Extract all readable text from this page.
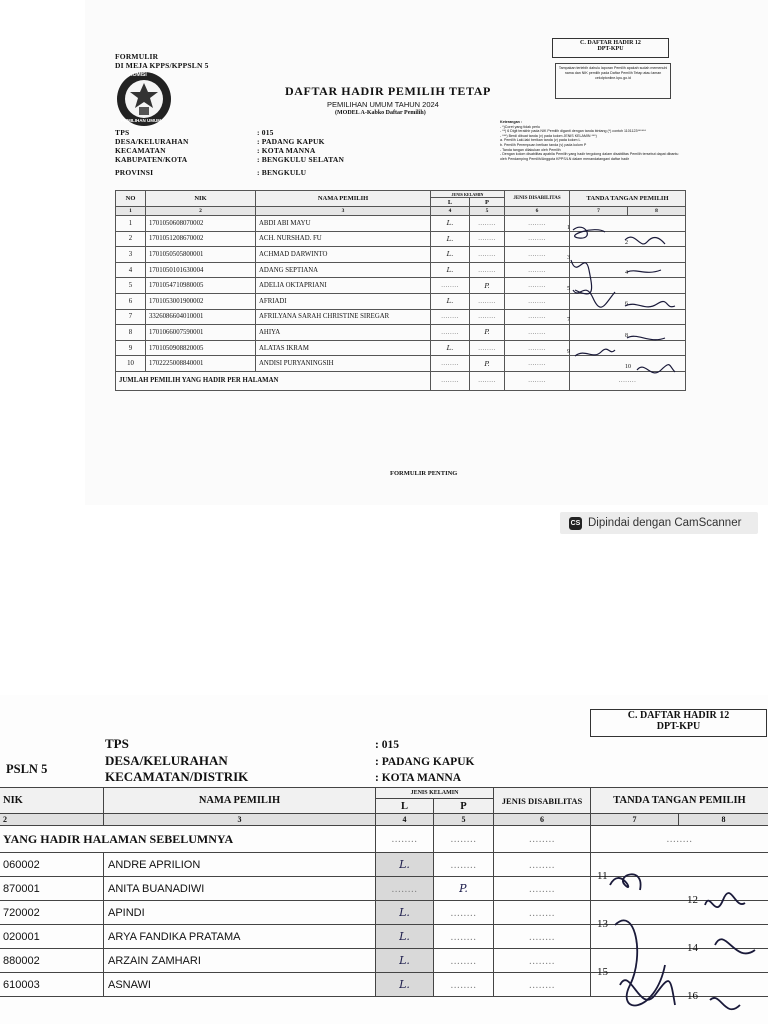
FORMULIR
DI MEJA KPPS/KPPSLN 5
KOMISI
PEMILIHAN UMUM
DAFTAR HADIR PEMILIH TETAP
PEMILIHAN UMUM TAHUN 2024
(MODEL A-Kabko Daftar Pemilih)
C. DAFTAR HADIR 12
DPT-KPU
Tampakan terlebih dahulu laporan Pemilih apakah sudah memenuhi nama dan NIK pemilih pada Daftar Pemilih Tetap atau laman cekdptonline.kpu.go.id
TPS
DESA/KELURAHAN
KECAMATAN
KABUPATEN/KOTA
PROVINSI
: 015
: PADANG KAPUK
: KOTA MANNA
: BENGKULU SELATAN
: BENGKULU
Keterangan :
- *)Coret yang tidak perlu
- **) 6 Digit terakhir pada NIK Pemilih diganti dengan tanda bintang (*) contoh 1101123******
- ***) Berdi dibuat tanda (v) pada kolom JENIS KELAMIN ***)
a. Pemilih Laki-laki berikan tanda (v) pada kolom L
b. Pemilih Perempuan berikan tanda (v) pada kolom P
- Tanda tangan dilakukan oleh Pemilih
- Dengan kolom disabilitas apabila Pemilih yang hadir tergolong dalam disabilitas Pemilih tersebut dapat dibantu oleh Pendamping Pemilih/Anggota KPPS/LN dalam menandatangani daftar hadir
NO	NIK	NAMA PEMILIH	JENIS KELAMIN		JENIS DISABILITAS	TANDA TANGAN PEMILIH	
			L	P			
1	2	3	4	5	6	7	8
1	1701050608070002	ABDI ABI MAYU	L.	........	........		
2	1701051208670002	ACH. NURSHAD. FU	L.	........	........		
3	1701050505800001	ACHMAD DARWINTO	L.	........	........		
4	1701050101630004	ADANG SEPTIANA	L.	........	........		
5	1701054710980005	ADELIA OKTAPRIANI	........	P.	........		
6	1701053001900002	AFRIADI	L.	........	........		
7	3326086604010001	AFRILYANA SARAH CHRISTINE SIREGAR	........	........	........		
8	1701066007590001	AHIYA	........	P.	........		
9	1701050908820005	ALATAS IKRAM	L.	........	........		
10	1702225008840001	ANDISI PURYANINGSIH	........	P.	........		
JUMLAH PEMILIH YANG HADIR PER HALAMAN			........	........	........	........	
1
2
3
4
5
6
7
8
9
10
FORMULIR PENTING
CS Dipindai dengan CamScanner
C. DAFTAR HADIR 12
DPT-KPU
PSLN 5
TPS
DESA/KELURAHAN
KECAMATAN/DISTRIK
: 015
: PADANG KAPUK
: KOTA MANNA
NIK	NAMA PEMILIH	JENIS KELAMIN		JENIS DISABILITAS	TANDA TANGAN PEMILIH	
		L	P			
2	3	4	5	6	7	8
YANG HADIR HALAMAN SEBELUMNYA		........	........	........	........	
060002	ANDRE APRILION	L.	........	........		
870001	ANITA BUANADIWI	........	P.	........		
720002	APINDI	L.	........	........		
020001	ARYA FANDIKA PRATAMA	L.	........	........		
880002	ARZAIN ZAMHARI	L.	........	........		
610003	ASNAWI	L.	........	........		
11
12
13
14
15
16
